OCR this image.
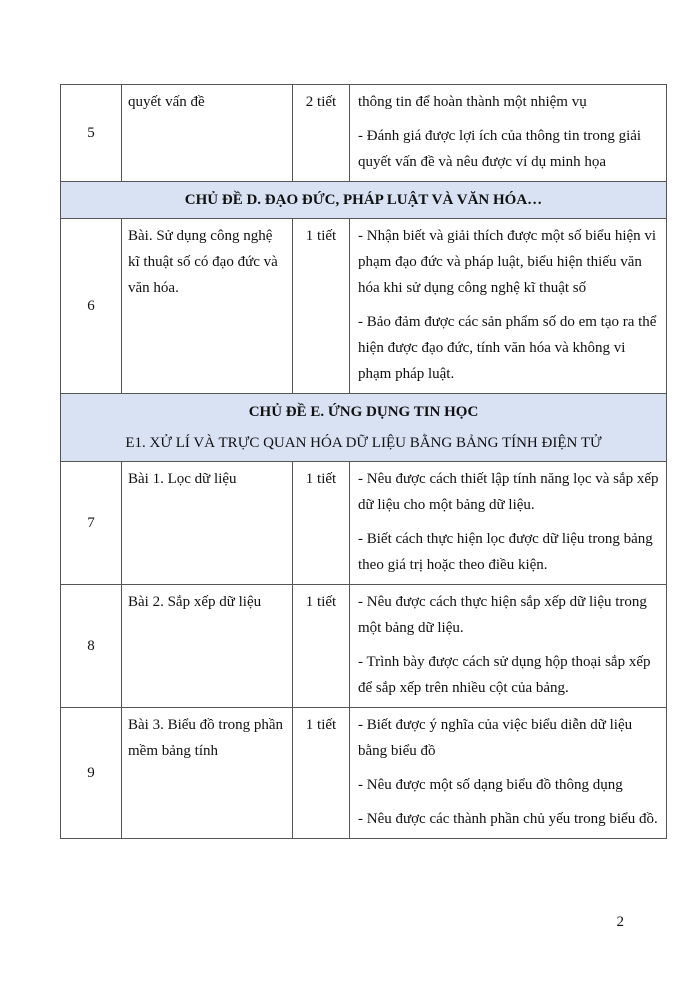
5	quyết vấn đề	2 tiết	thông tin để hoàn thành một nhiệm vụ

- Đánh giá được lợi ích của thông tin trong giải quyết vấn đề và nêu được ví dụ minh họa

CHỦ ĐỀ D. ĐẠO ĐỨC, PHÁP LUẬT VÀ VĂN HÓA…			
6	Bài. Sử dụng công nghệ kĩ thuật số có đạo đức và văn hóa.	1 tiết	- Nhận biết và giải thích được một số biểu hiện vi phạm đạo đức và pháp luật, biểu hiện thiếu văn hóa khi sử dụng công nghệ kĩ thuật số

- Bảo đảm được các sản phẩm số do em tạo ra thể hiện được đạo đức, tính văn hóa và không vi phạm pháp luật.

CHỦ ĐỀ E. ỨNG DỤNG TIN HỌC
E1. XỬ LÍ VÀ TRỰC QUAN HÓA DỮ LIỆU BẰNG BẢNG TÍNH ĐIỆN TỬ			

7	Bài 1. Lọc dữ liệu	1 tiết	- Nêu được cách thiết lập tính năng lọc và sắp xếp dữ liệu cho một bảng dữ liệu.

- Biết cách thực hiện lọc được dữ liệu trong bảng theo giá trị hoặc theo điều kiện.

8	Bài 2. Sắp xếp dữ liệu	1 tiết	- Nêu được cách thực hiện sắp xếp dữ liệu trong một bảng dữ liệu.

- Trình bày được cách sử dụng hộp thoại sắp xếp để sắp xếp trên nhiều cột của bảng.

9	Bài 3. Biểu đồ trong phần mềm bảng tính	1 tiết	- Biết được ý nghĩa của việc biểu diễn dữ liệu bằng biểu đồ

- Nêu được một số dạng biểu đồ thông dụng

- Nêu được các thành phần chủ yếu trong biểu đồ.

2
